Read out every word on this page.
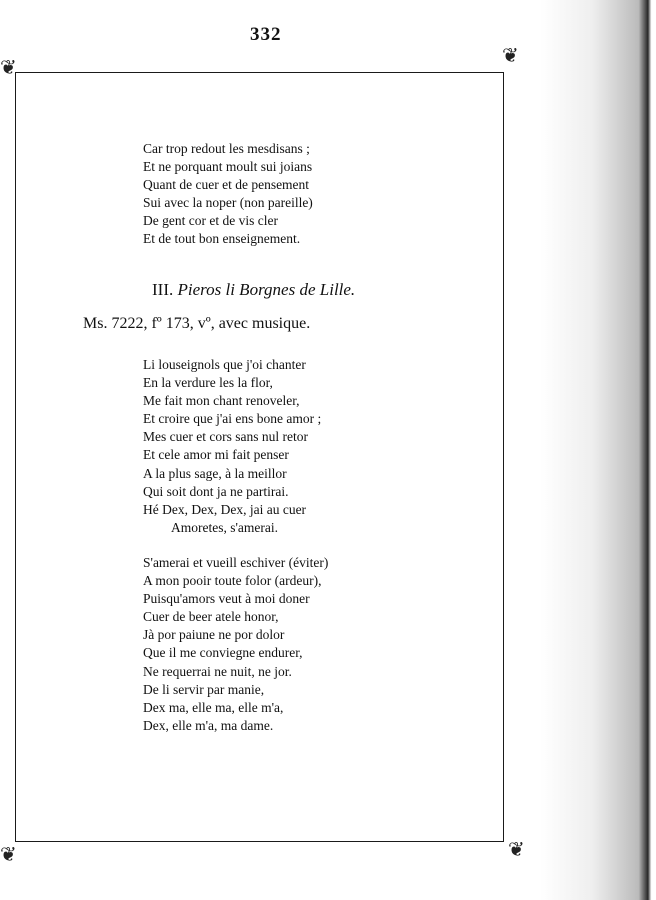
332
❦
❦
❦	❦
Car trop redout les mesdisans ;
Et ne porquant moult sui joians
Quant de cuer et de pensement
Sui avec la noper (non pareille)
De gent cor et de vis cler
Et de tout bon enseignement.
III. Pieros li Borgnes de Lille.
Ms. 7222, fº 173, vº, avec musique.
Li louseignols que j'oi chanter
En la verdure les la flor,
Me fait mon chant renoveler,
Et croire que j'ai ens bone amor ;
Mes cuer et cors sans nul retor
Et cele amor mi fait penser
A la plus sage, à la meillor
Qui soit dont ja ne partirai.
Hé Dex, Dex, Dex, jai au cuer
Amoretes, s'amerai.
S'amerai et vueill eschiver (éviter)
A mon pooir toute folor (ardeur),
Puisqu'amors veut à moi doner
Cuer de beer atele honor,
Jà por paiune ne por dolor
Que il me conviegne endurer,
Ne requerrai ne nuit, ne jor.
De li servir par manie,
Dex ma, elle ma, elle m'a,
Dex, elle m'a, ma dame.
